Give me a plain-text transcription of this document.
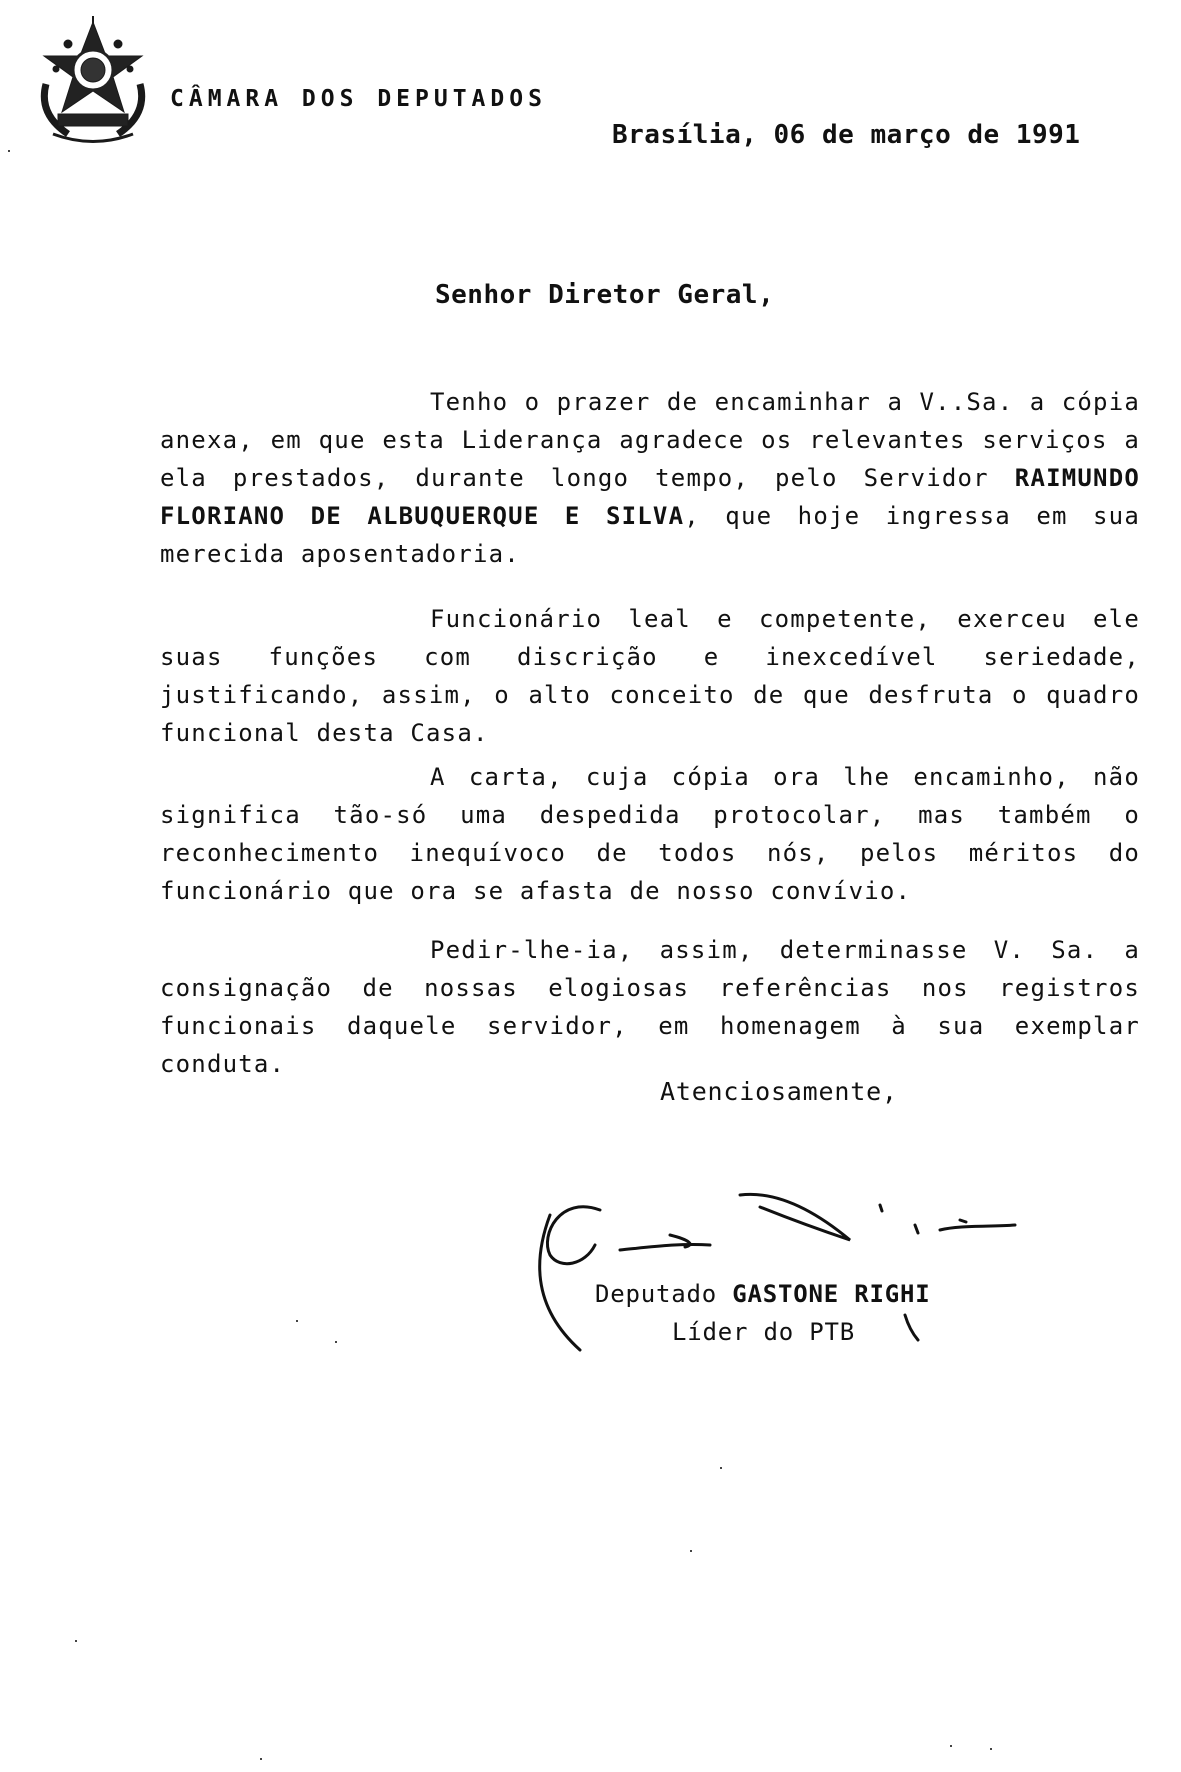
CÂMARA DOS DEPUTADOS
Brasília, 06 de março de 1991
Senhor Diretor Geral,
Tenho o prazer de encaminhar a V..Sa. a cópia anexa, em que esta Liderança agradece os relevantes serviços a ela prestados, durante longo tempo, pelo Servidor RAIMUNDO FLORIANO DE ALBUQUERQUE E SILVA, que hoje ingressa em sua merecida aposentadoria.
Funcionário leal e competente, exerceu ele suas funções com discrição e inexcedível seriedade, justificando, assim, o alto conceito de que desfruta o quadro funcional desta Casa.
A carta, cuja cópia ora lhe encaminho, não significa tão-só uma despedida protocolar, mas também o reconhecimento inequívoco de todos nós, pelos méritos do funcionário que ora se afasta de nosso convívio.
Pedir-lhe-ia, assim, determinasse V. Sa. a consignação de nossas elogiosas referências nos registros funcionais daquele servidor, em homenagem à sua exemplar conduta.
Atenciosamente,
Deputado GASTONE RIGHI
Líder do PTB
